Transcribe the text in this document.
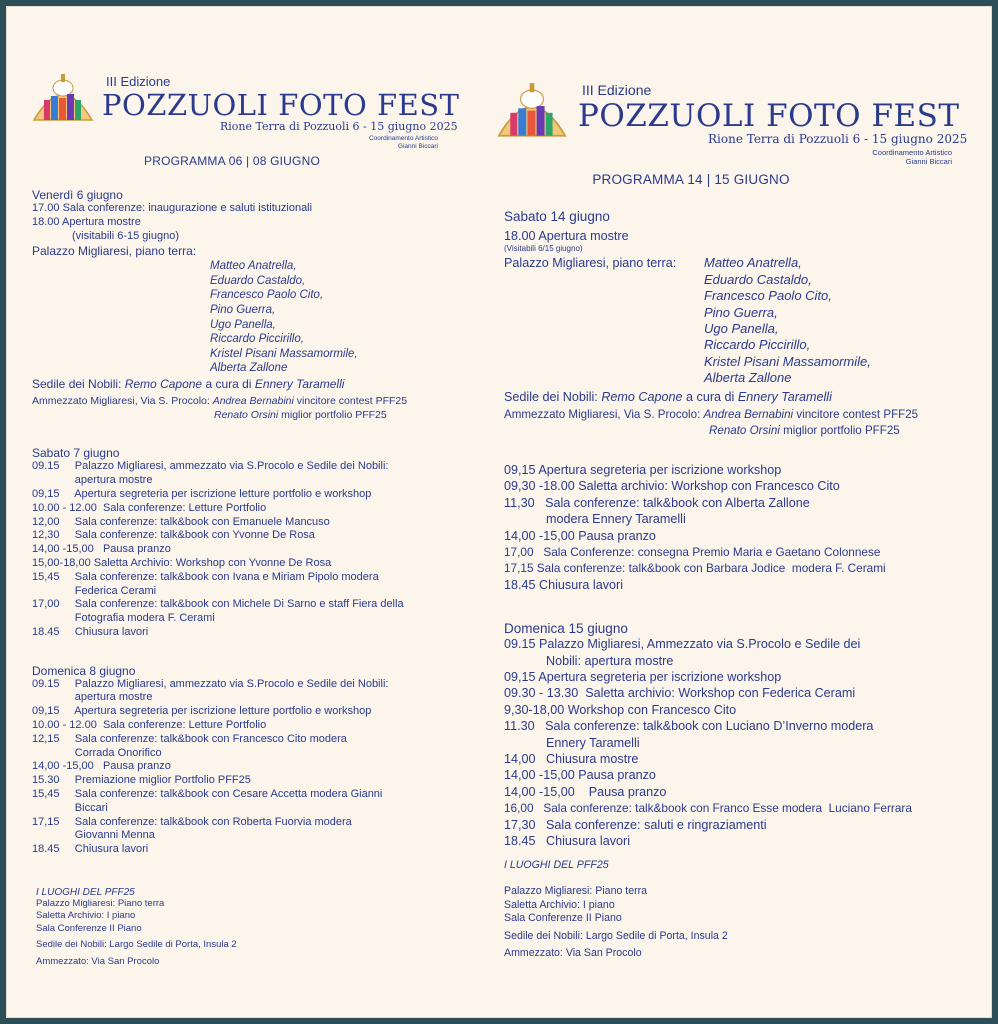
III Edizione
POZZUOLI FOTO FEST
Rione Terra di Pozzuoli 6 - 15 giugno 2025
Coordinamento Artistico
Gianni Biccari
PROGRAMMA 06 | 08 GIUGNO
Venerdì 6 giugno
17.00 Sala conferenze: inaugurazione e saluti istituzionali
18.00 Apertura mostre
(visitabili 6-15 giugno)
Palazzo Migliaresi, piano terra:
Matteo Anatrella,
Eduardo Castaldo,
Francesco Paolo Cito,
Pino Guerra,
Ugo Panella,
Riccardo Piccirillo,
Kristel Pisani Massamormile,
Alberta Zallone
Sedile dei Nobili: Remo Capone a cura di Ennery Taramelli
Ammezzato Migliaresi, Via S. Procolo: Andrea Bernabini vincitore contest PFF25
Renato Orsini miglior portfolio PFF25
Sabato 7 giugno
09.15     Palazzo Migliaresi, ammezzato via S.Procolo e Sedile dei Nobili:
apertura mostre
09,15     Apertura segreteria per iscrizione letture portfolio e workshop
10.00 - 12.00  Sala conferenze: Letture Portfolio
12,00     Sala conferenze: talk&book con Emanuele Mancuso
12,30     Sala conferenze: talk&book con Yvonne De Rosa
14,00 -15,00   Pausa pranzo
15,00-18,00 Saletta Archivio: Workshop con Yvonne De Rosa
15,45     Sala conferenze: talk&book con Ivana e Miriam Pipolo modera
Federica Cerami
17,00     Sala conferenze: talk&book con Michele Di Sarno e staff Fiera della
Fotografia modera F. Cerami
18.45     Chiusura lavori
Domenica 8 giugno
09.15     Palazzo Migliaresi, ammezzato via S.Procolo e Sedile dei Nobili:
apertura mostre
09,15     Apertura segreteria per iscrizione letture portfolio e workshop
10.00 - 12.00  Sala conferenze: Letture Portfolio
12,15     Sala conferenze: talk&book con Francesco Cito modera
Corrada Onorifico
14,00 -15,00   Pausa pranzo
15.30     Premiazione miglior Portfolio PFF25
15,45     Sala conferenze: talk&book con Cesare Accetta modera Gianni
Biccari
17,15     Sala conferenze: talk&book con Roberta Fuorvia modera
Giovanni Menna
18.45     Chiusura lavori
I LUOGHI DEL PFF25
Palazzo Migliaresi: Piano terra
Saletta Archivio: I piano
Sala Conferenze II Piano
Sedile dei Nobili: Largo Sedile di Porta, Insula 2
Ammezzato: Via San Procolo
III Edizione
POZZUOLI FOTO FEST
Rione Terra di Pozzuoli 6 - 15 giugno 2025
Coordinamento Artistico
Gianni Biccari
PROGRAMMA 14 | 15 GIUGNO
Sabato 14 giugno
18.00 Apertura mostre
(Visitabili 6/15 giugno)
Palazzo Migliaresi, piano terra: Matteo Anatrella,
Eduardo Castaldo,
Francesco Paolo Cito,
Pino Guerra,
Ugo Panella,
Riccardo Piccirillo,
Kristel Pisani Massamormile,
Alberta Zallone
Sedile dei Nobili: Remo Capone a cura di Ennery Taramelli
Ammezzato Migliaresi, Via S. Procolo: Andrea Bernabini vincitore contest PFF25
Renato Orsini miglior portfolio PFF25
09,15 Apertura segreteria per iscrizione workshop
09,30 -18.00 Saletta archivio: Workshop con Francesco Cito
11,30   Sala conferenze: talk&book con Alberta Zallone
modera Ennery Taramelli
14,00 -15,00 Pausa pranzo
17,00   Sala Conferenze: consegna Premio Maria e Gaetano Colonnese
17,15 Sala conferenze: talk&book con Barbara Jodice  modera F. Cerami
18.45 Chiusura lavori
Domenica 15 giugno
09.15 Palazzo Migliaresi, Ammezzato via S.Procolo e Sedile dei
Nobili: apertura mostre
09,15 Apertura segreteria per iscrizione workshop
09.30 - 13.30  Saletta archivio: Workshop con Federica Cerami
9,30-18,00 Workshop con Francesco Cito
11.30   Sala conferenze: talk&book con Luciano D’Inverno modera
Ennery Taramelli
14,00   Chiusura mostre
14,00 -15,00 Pausa pranzo
14,00 -15,00    Pausa pranzo
16,00   Sala conferenze: talk&book con Franco Esse modera  Luciano Ferrara
17,30   Sala conferenze: saluti e ringraziamenti
18.45   Chiusura lavori
I LUOGHI DEL PFF25
Palazzo Migliaresi: Piano terra
Saletta Archivio: I piano
Sala Conferenze II Piano
Sedile dei Nobili: Largo Sedile di Porta, Insula 2
Ammezzato: Via San Procolo
